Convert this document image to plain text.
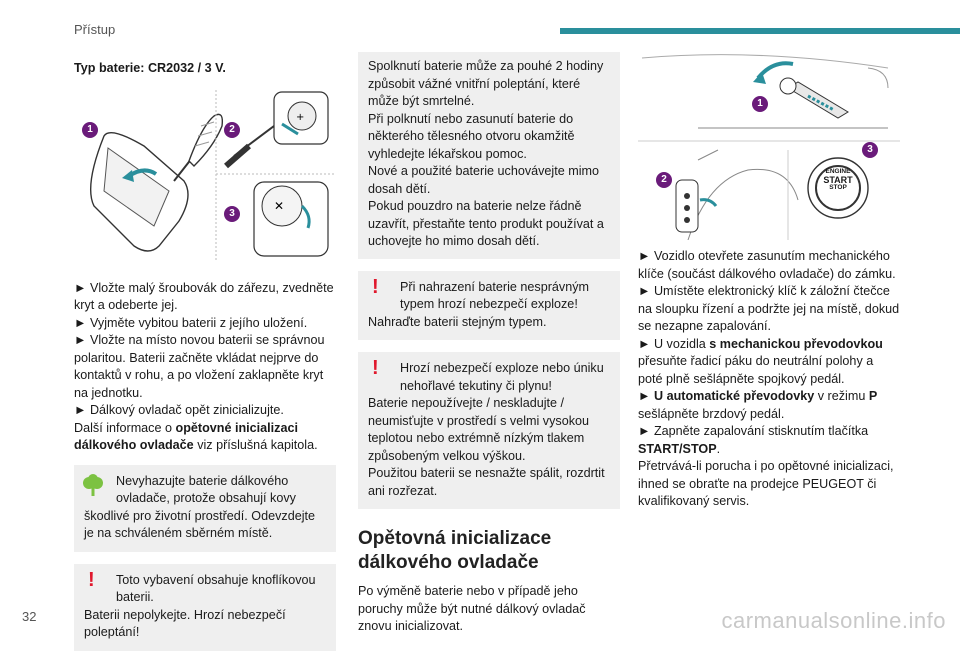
Přístup

Typ baterie: CR2032 / 3 V.

+
✕
1	2
3

► Vložte malý šroubovák do zářezu, zvedněte kryt a odeberte jej.

► Vyjměte vybitou baterii z jejího uložení.

► Vložte na místo novou baterii se správnou polaritou. Baterii začněte vkládat nejprve do kontaktů v rohu, a po vložení zaklapněte kryt na jednotku.

► Dálkový ovladač opět zinicializujte.

Další informace o opětovné inicializaci dálkového ovladače viz příslušná kapitola.

Nevyhazujte baterie dálkového ovladače, protože obsahují kovy

škodlivé pro životní prostředí. Odevzdejte je na schváleném sběrném místě.

!	Toto vybavení obsahuje knoflíkovou baterii.

Baterii nepolykejte. Hrozí nebezpečí poleptání!

Spolknutí baterie může za pouhé 2 hodiny způsobit vážné vnitřní poleptání, které může být smrtelné.

Při polknutí nebo zasunutí baterie do některého tělesného otvoru okamžitě vyhledejte lékařskou pomoc.

Nové a použité baterie uchovávejte mimo dosah dětí.

Pokud pouzdro na baterie nelze řádně uzavřít, přestaňte tento produkt používat a uchovejte ho mimo dosah dětí.

!	Při nahrazení baterie nesprávným typem hrozí nebezpečí exploze!

Nahraďte baterii stejným typem.

!	Hrozí nebezpečí exploze nebo úniku nehořlavé tekutiny či plynu!

Baterie nepoužívejte / neskladujte / neumisťujte v prostředí s velmi vysokou teplotou nebo extrémně nízkým tlakem způsobeným velkou výškou.
Použitou baterii se nesnažte spálit, rozdrtit ani rozřezat.

Opětovná inicializace dálkového ovladače

Po výměně baterie nebo v případě jeho poruchy může být nutné dálkový ovladač znovu inicializovat.

1
ENGINE
START
STOP
2
3

► Vozidlo otevřete zasunutím mechanického klíče (součást dálkového ovladače) do zámku.

► Umístěte elektronický klíč k záložní čtečce na sloupku řízení a podržte jej na místě, dokud se nezapne zapalování.

► U vozidla s mechanickou převodovkou přesuňte řadicí páku do neutrální polohy a poté plně sešlápněte spojkový pedál.

► U automatické převodovky v režimu P sešlápněte brzdový pedál.

► Zapněte zapalování stisknutím tlačítka START/STOP.

Přetrvává-li porucha i po opětovné inicializaci, ihned se obraťte na prodejce PEUGEOT či kvalifikovaný servis.

32	carmanualsonline.info
